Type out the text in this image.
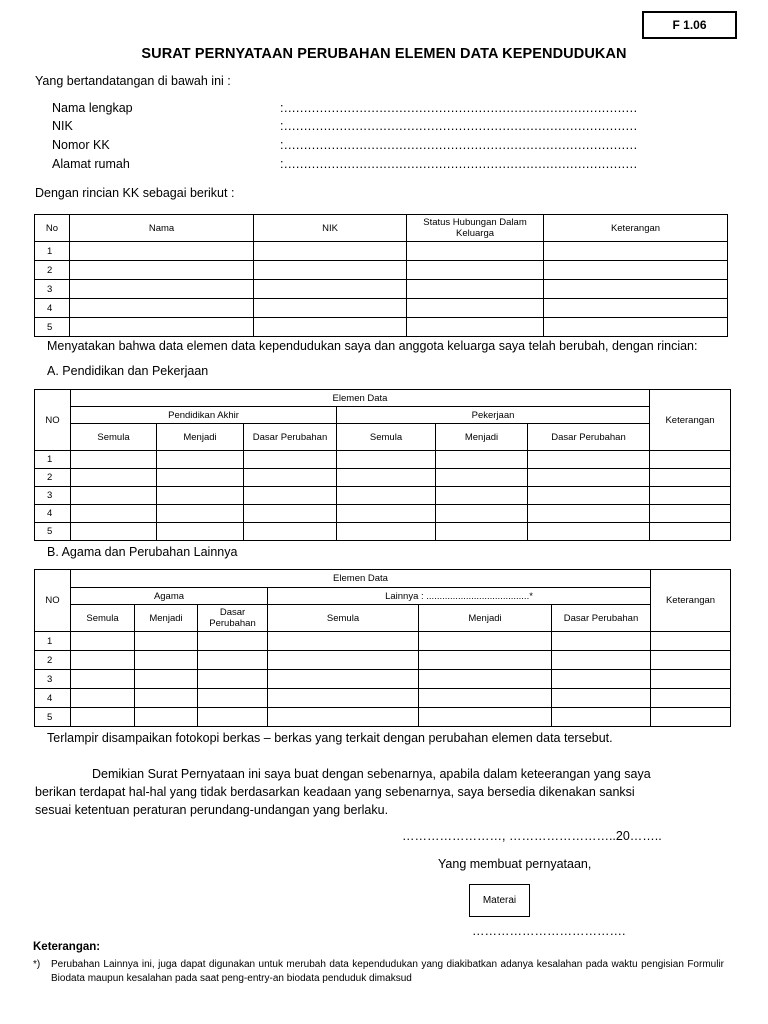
F 1.06
SURAT PERNYATAAN PERUBAHAN ELEMEN DATA KEPENDUDUKAN
Yang bertandatangan di bawah ini :
Nama lengkap	:.........................................................................................
NIK	:.........................................................................................
Nomor KK	:.........................................................................................
Alamat rumah	:.........................................................................................
Dengan rincian KK sebagai berikut :
No	Nama	NIK	Status Hubungan Dalam Keluarga	Keterangan
1				
2				
3				
4				
5				
Menyatakan bahwa data elemen data kependudukan saya dan anggota keluarga saya telah berubah, dengan rincian:
A. Pendidikan dan Pekerjaan
NO	Elemen Data						Keterangan
	Pendidikan Akhir			Pekerjaan			
	Semula	Menjadi	Dasar Perubahan	Semula	Menjadi	Dasar Perubahan	
1							
2							
3							
4							
5							
B. Agama dan Perubahan Lainnya
NO	Elemen Data						Keterangan
	Agama			Lainnya : .......................................*			
	Semula	Menjadi	Dasar Perubahan	Semula	Menjadi	Dasar Perubahan	
1							
2							
3							
4							
5							
Terlampir disampaikan fotokopi berkas – berkas yang terkait dengan perubahan elemen data tersebut.
Demikian Surat Pernyataan ini saya buat dengan sebenarnya, apabila dalam keteerangan yang saya
berikan terdapat hal-hal yang tidak berdasarkan keadaan yang sebenarnya, saya bersedia dikenakan sanksi
sesuai ketentuan peraturan perundang-undangan yang berlaku.
……………………, ……………………..20……..
Yang membuat pernyataan,
Materai
……………………………….
Keterangan:
*) Perubahan Lainnya ini, juga dapat digunakan untuk merubah data kependudukan yang diakibatkan adanya kesalahan pada waktu pengisian Formulir Biodata maupun kesalahan pada saat peng-entry-an biodata penduduk dimaksud
